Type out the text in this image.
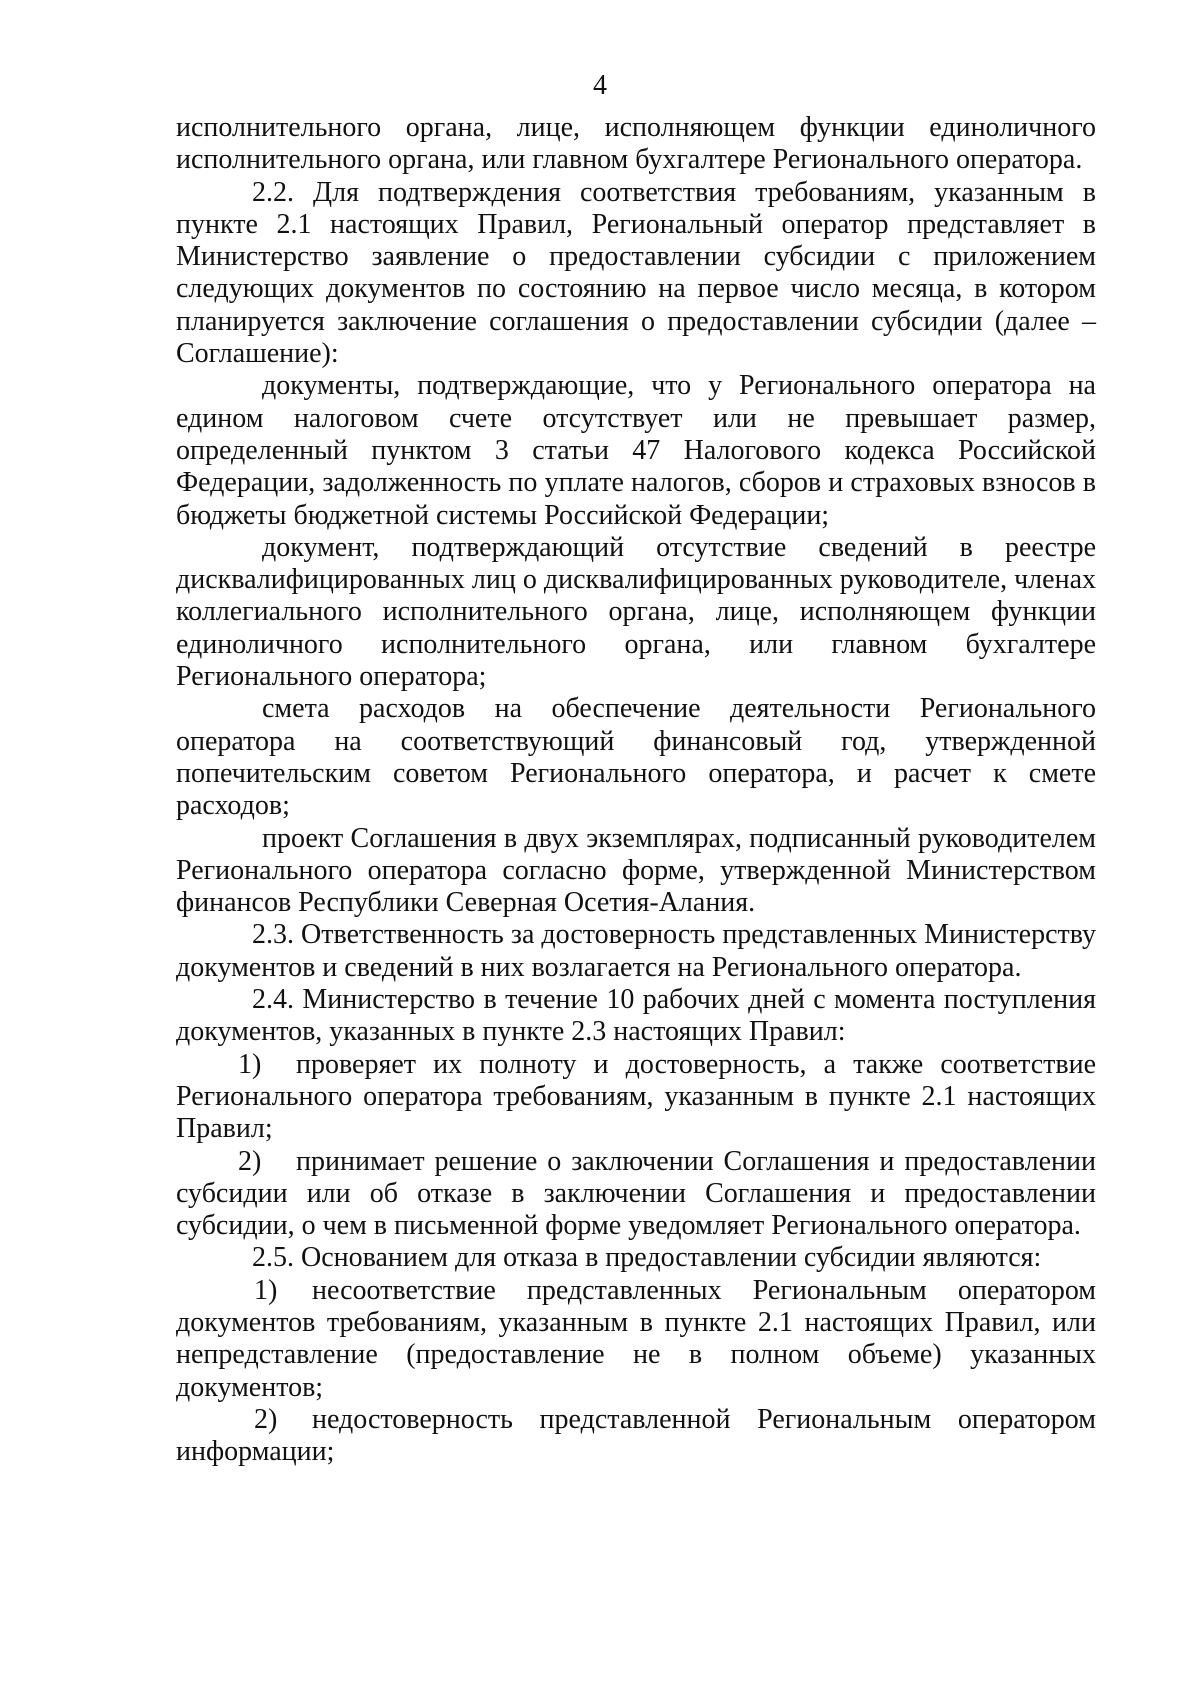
4

исполнительного органа, лице, исполняющем функции единоличного исполнительного органа, или главном бухгалтере Регионального оператора.

2.2. Для подтверждения соответствия требованиям, указанным в пункте 2.1 настоящих Правил, Региональный оператор представляет в Министерство заявление о предоставлении субсидии с приложением следующих документов по состоянию на первое число месяца, в котором планируется заключение соглашения о предоставлении субсидии (далее – Соглашение):

документы, подтверждающие, что у Регионального оператора на едином налоговом счете отсутствует или не превышает размер, определенный пунктом 3 статьи 47 Налогового кодекса Российской Федерации, задолженность по уплате налогов, сборов и страховых взносов в бюджеты бюджетной системы Российской Федерации;

документ, подтверждающий отсутствие сведений в реестре дисквалифицированных лиц о дисквалифицированных руководителе, членах коллегиального исполнительного органа, лице, исполняющем функции единоличного исполнительного органа, или главном бухгалтере Регионального оператора;

смета расходов на обеспечение деятельности Регионального оператора на соответствующий финансовый год, утвержденной попечительским советом Регионального оператора, и расчет к смете расходов;

проект Соглашения в двух экземплярах, подписанный руководителем Регионального оператора согласно форме, утвержденной Министерством финансов Республики Северная Осетия-Алания.

2.3. Ответственность за достоверность представленных Министерству документов и сведений в них возлагается на Регионального оператора.

2.4. Министерство в течение 10 рабочих дней с момента поступления документов, указанных в пункте 2.3 настоящих Правил:

1) проверяет их полноту и достоверность, а также соответствие Регионального оператора требованиям, указанным в пункте 2.1 настоящих Правил;

2) принимает решение о заключении Соглашения и предоставлении субсидии или об отказе в заключении Соглашения и предоставлении субсидии, о чем в письменной форме уведомляет Регионального оператора.

2.5. Основанием для отказа в предоставлении субсидии являются:

1) несоответствие представленных Региональным оператором документов требованиям, указанным в пункте 2.1 настоящих Правил, или непредставление (предоставление не в полном объеме) указанных документов;

2) недостоверность представленной Региональным оператором информации;
